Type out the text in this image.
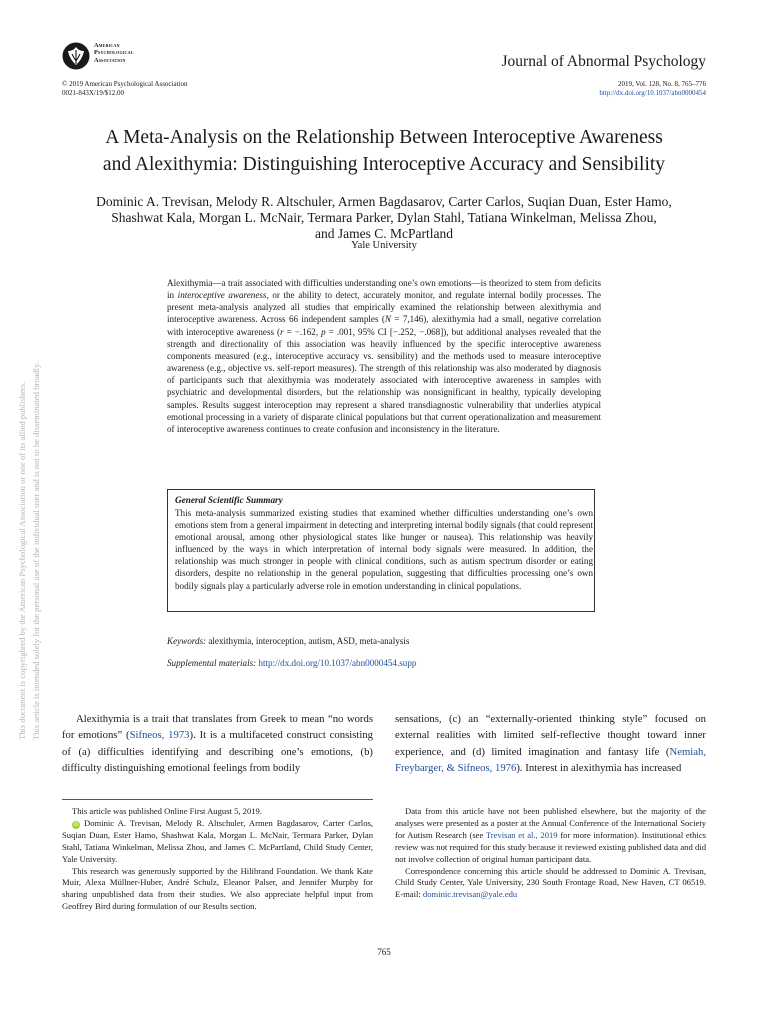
American
Psychological
Association	Journal of Abnormal Psychology
© 2019 American Psychological Association
0021-843X/19/$12.00
2019, Vol. 128, No. 8, 765–776
http://dx.doi.org/10.1037/abn0000454
A Meta-Analysis on the Relationship Between Interoceptive Awareness
and Alexithymia: Distinguishing Interoceptive Accuracy and Sensibility
Dominic A. Trevisan, Melody R. Altschuler, Armen Bagdasarov, Carter Carlos, Suqian Duan, Ester Hamo,
Shashwat Kala, Morgan L. McNair, Termara Parker, Dylan Stahl, Tatiana Winkelman, Melissa Zhou,
and James C. McPartland
Yale University
Alexithymia—a trait associated with difficulties understanding one’s own emotions—is theorized to stem from deficits in interoceptive awareness, or the ability to detect, accurately monitor, and regulate internal bodily processes. The present meta-analysis analyzed all studies that empirically examined the relationship between alexithymia and interoceptive awareness. Across 66 independent samples (N = 7,146), alexithymia had a small, negative correlation with interoceptive awareness (r = −.162, p = .001, 95% CI [−.252, −.068]), but additional analyses revealed that the strength and directionality of this association was heavily influenced by the specific interoceptive awareness components measured (e.g., interoceptive accuracy vs. sensibility) and the methods used to measure interoceptive awareness (e.g., objective vs. self-report measures). The strength of this relationship was also moderated by diagnosis of participants such that alexithymia was moderately associated with interoceptive awareness in samples with psychiatric and developmental disorders, but the relationship was nonsignificant in healthy, typically developing samples. Results suggest interoception may represent a shared transdiagnostic vulnerability that underlies atypical emotional processing in a variety of disparate clinical populations but that current operationalization and measurement of interoceptive awareness continues to create confusion and inconsistency in the literature.
General Scientific Summary
This meta-analysis summarized existing studies that examined whether difficulties understanding one’s own emotions stem from a general impairment in detecting and interpreting internal bodily signals (that could represent emotional arousal, among other physiological states like hunger or nausea). This relationship was heavily influenced by the ways in which interpretation of internal body signals were measured. In addition, the relationship was much stronger in people with clinical conditions, such as autism spectrum disorder or eating disorders, despite no relationship in the general population, suggesting that difficulties processing one’s own bodily signals play a particularly adverse role in emotion understanding in clinical populations.
Keywords: alexithymia, interoception, autism, ASD, meta-analysis
Supplemental materials: http://dx.doi.org/10.1037/abn0000454.supp
Alexithymia is a trait that translates from Greek to mean “no words for emotions” (Sifneos, 1973). It is a multifaceted construct consisting of (a) difficulties identifying and describing one’s emotions, (b) difficulty distinguishing emotional feelings from bodily
sensations, (c) an “externally-oriented thinking style” focused on external realities with limited self-reflective thought toward inner experience, and (d) limited imagination and fantasy life (Nemiah, Freybarger, & Sifneos, 1976). Interest in alexithymia has increased

This article was published Online First August 5, 2019.

iD Dominic A. Trevisan, Melody R. Altschuler, Armen Bagdasarov, Carter Carlos, Suqian Duan, Ester Hamo, Shashwat Kala, Morgan L. McNair, Termara Parker, Dylan Stahl, Tatiana Winkelman, Melissa Zhou, and James C. McPartland, Child Study Center, Yale University.

This research was generously supported by the Hilibrand Foundation. We thank Kate Muir, Alexa Müllner-Huber, André Schulz, Eleanor Palser, and Jennifer Murphy for sharing unpublished data from their studies. We also appreciate helpful input from Geoffrey Bird during formulation of our Results section.

Data from this article have not been published elsewhere, but the majority of the analyses were presented as a poster at the Annual Conference of the International Society for Autism Research (see Trevisan et al., 2019 for more information). Institutional ethics review was not required for this study because it reviewed existing published data and did not involve collection of original human participant data.

Correspondence concerning this article should be addressed to Dominic A. Trevisan, Child Study Center, Yale University, 230 South Frontage Road, New Haven, CT 06519. E-mail: dominic.trevisan@yale.edu

765
This document is copyrighted by the American Psychological Association or one of its allied publishers. This article is intended solely for the personal use of the individual user and is not to be disseminated broadly.
